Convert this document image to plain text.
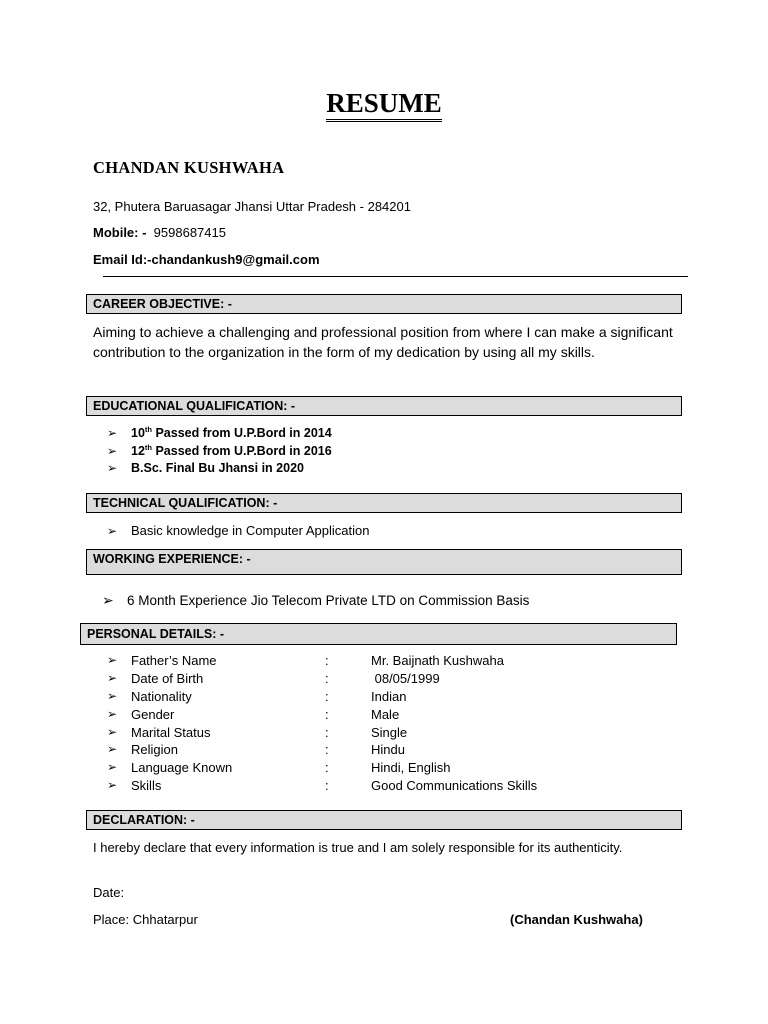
RESUME
CHANDAN KUSHWAHA
32, Phutera Baruasagar Jhansi Uttar Pradesh - 284201
Mobile: - 9598687415
Email Id:-chandankush9@gmail.com
CAREER OBJECTIVE: -
Aiming to achieve a challenging and professional position from where I can make a significant contribution to the organization in the form of my dedication by using all my skills.
EDUCATIONAL QUALIFICATION: -
➢ 10th Passed from U.P.Bord in 2014
➢ 12th Passed from U.P.Bord in 2016
➢ B.Sc. Final Bu Jhansi in 2020
TECHNICAL QUALIFICATION: -
➢ Basic knowledge in Computer Application
WORKING EXPERIENCE: -
➢ 6 Month Experience Jio Telecom Private LTD on Commission Basis
PERSONAL DETAILS: -
➢ Father’s Name	:	Mr. Baijnath Kushwaha
➢ Date of Birth	:	08/05/1999
➢ Nationality	:	Indian
➢ Gender	:	Male
➢ Marital Status	:	Single
➢ Religion	:	Hindu
➢ Language Known	:	Hindi, English
➢ Skills	:	Good Communications Skills
DECLARATION: -
I hereby declare that every information is true and I am solely responsible for its authenticity.
Date:
Place: Chhatarpur	(Chandan Kushwaha)
